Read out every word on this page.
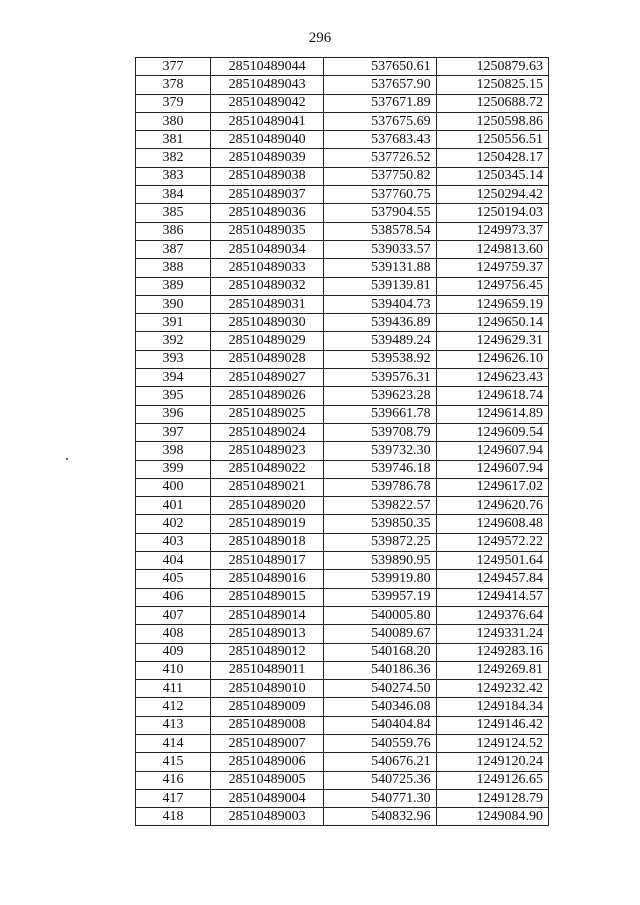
296
377	28510489044	537650.61	1250879.63
378	28510489043	537657.90	1250825.15
379	28510489042	537671.89	1250688.72
380	28510489041	537675.69	1250598.86
381	28510489040	537683.43	1250556.51
382	28510489039	537726.52	1250428.17
383	28510489038	537750.82	1250345.14
384	28510489037	537760.75	1250294.42
385	28510489036	537904.55	1250194.03
386	28510489035	538578.54	1249973.37
387	28510489034	539033.57	1249813.60
388	28510489033	539131.88	1249759.37
389	28510489032	539139.81	1249756.45
390	28510489031	539404.73	1249659.19
391	28510489030	539436.89	1249650.14
392	28510489029	539489.24	1249629.31
393	28510489028	539538.92	1249626.10
394	28510489027	539576.31	1249623.43
395	28510489026	539623.28	1249618.74
396	28510489025	539661.78	1249614.89
397	28510489024	539708.79	1249609.54
398	28510489023	539732.30	1249607.94
399	28510489022	539746.18	1249607.94
400	28510489021	539786.78	1249617.02
401	28510489020	539822.57	1249620.76
402	28510489019	539850.35	1249608.48
403	28510489018	539872.25	1249572.22
404	28510489017	539890.95	1249501.64
405	28510489016	539919.80	1249457.84
406	28510489015	539957.19	1249414.57
407	28510489014	540005.80	1249376.64
408	28510489013	540089.67	1249331.24
409	28510489012	540168.20	1249283.16
410	28510489011	540186.36	1249269.81
411	28510489010	540274.50	1249232.42
412	28510489009	540346.08	1249184.34
413	28510489008	540404.84	1249146.42
414	28510489007	540559.76	1249124.52
415	28510489006	540676.21	1249120.24
416	28510489005	540725.36	1249126.65
417	28510489004	540771.30	1249128.79
418	28510489003	540832.96	1249084.90
